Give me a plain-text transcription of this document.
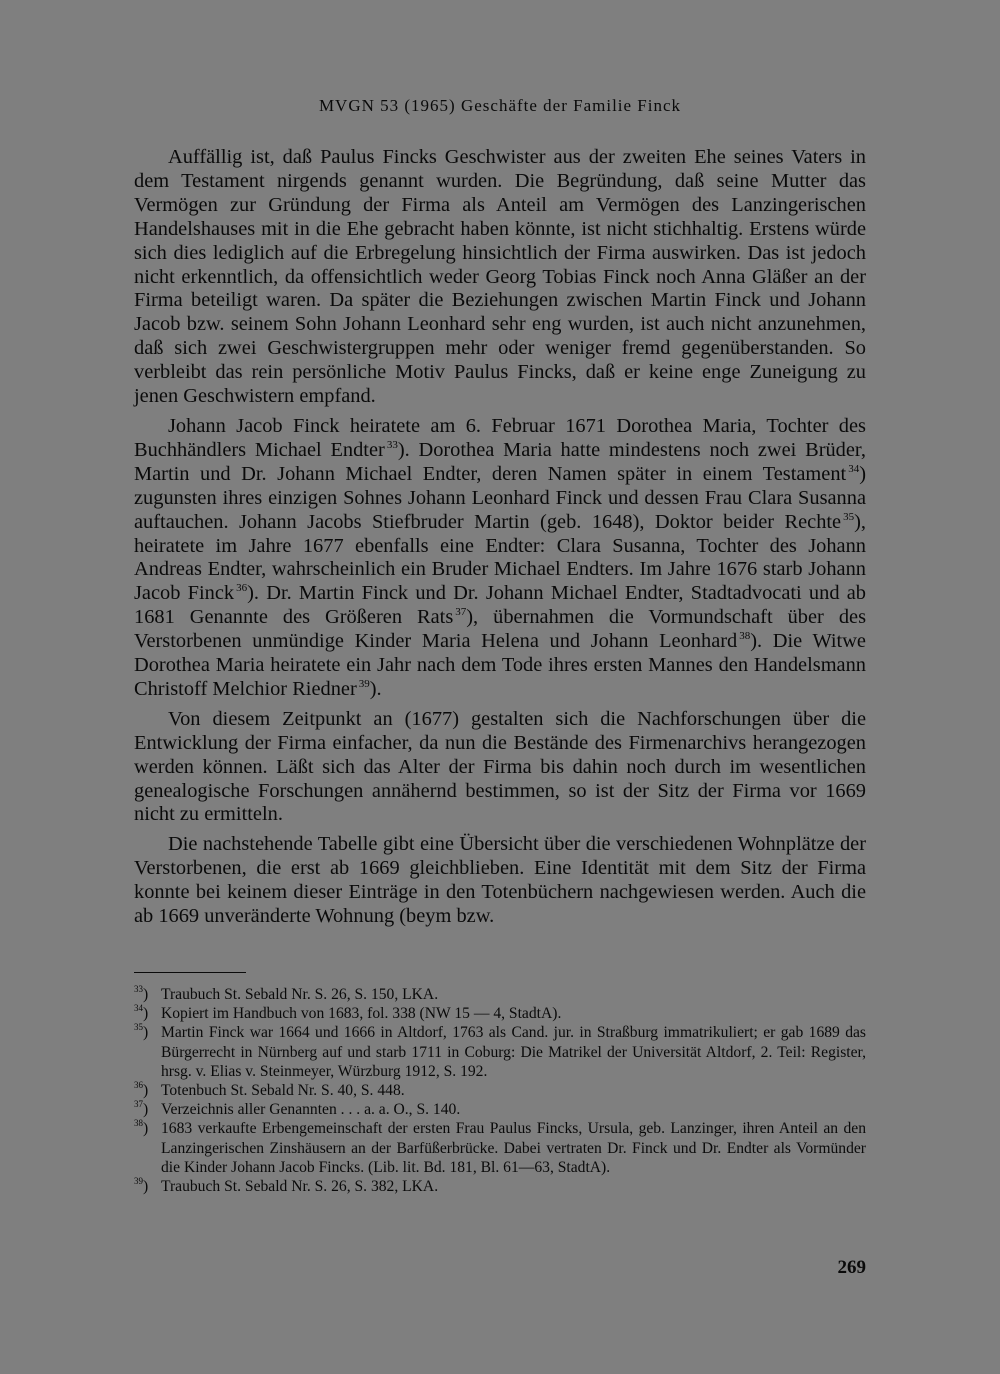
MVGN 53 (1965) Geschäfte der Familie Finck

Auffällig ist, daß Paulus Fincks Geschwister aus der zweiten Ehe seines Vaters in dem Testament nirgends genannt wurden. Die Begründung, daß seine Mutter das Vermögen zur Gründung der Firma als Anteil am Vermögen des Lanzingerischen Handelshauses mit in die Ehe gebracht haben könnte, ist nicht stichhaltig. Erstens würde sich dies lediglich auf die Erbregelung hinsichtlich der Firma auswirken. Das ist jedoch nicht erkenntlich, da offensichtlich weder Georg Tobias Finck noch Anna Gläßer an der Firma beteiligt waren. Da später die Beziehungen zwischen Martin Finck und Johann Jacob bzw. seinem Sohn Johann Leonhard sehr eng wurden, ist auch nicht anzunehmen, daß sich zwei Geschwistergruppen mehr oder weniger fremd gegenüberstanden. So verbleibt das rein persönliche Motiv Paulus Fincks, daß er keine enge Zuneigung zu jenen Geschwistern empfand.

Johann Jacob Finck heiratete am 6. Februar 1671 Dorothea Maria, Tochter des Buchhändlers Michael Endter $^{33}$). Dorothea Maria hatte mindestens noch zwei Brüder, Martin und Dr. Johann Michael Endter, deren Namen später in einem Testament $^{34}$) zugunsten ihres einzigen Sohnes Johann Leonhard Finck und dessen Frau Clara Susanna auftauchen. Johann Jacobs Stiefbruder Martin (geb. 1648), Doktor beider Rechte $^{35}$), heiratete im Jahre 1677 ebenfalls eine Endter: Clara Susanna, Tochter des Johann Andreas Endter, wahrscheinlich ein Bruder Michael Endters. Im Jahre 1676 starb Johann Jacob Finck $^{36}$). Dr. Martin Finck und Dr. Johann Michael Endter, Stadtadvocati und ab 1681 Genannte des Größeren Rats $^{37}$), übernahmen die Vormundschaft über des Verstorbenen unmündige Kinder Maria Helena und Johann Leonhard $^{38}$). Die Witwe Dorothea Maria heiratete ein Jahr nach dem Tode ihres ersten Mannes den Handelsmann Christoff Melchior Riedner $^{39}$).

Von diesem Zeitpunkt an (1677) gestalten sich die Nachforschungen über die Entwicklung der Firma einfacher, da nun die Bestände des Firmenarchivs herangezogen werden können. Läßt sich das Alter der Firma bis dahin noch durch im wesentlichen genealogische Forschungen annähernd bestimmen, so ist der Sitz der Firma vor 1669 nicht zu ermitteln.

Die nachstehende Tabelle gibt eine Übersicht über die verschiedenen Wohnplätze der Verstorbenen, die erst ab 1669 gleichblieben. Eine Identität mit dem Sitz der Firma konnte bei keinem dieser Einträge in den Totenbüchern nachgewiesen werden. Auch die ab 1669 unveränderte Wohnung (beym bzw.

$^{33}$) Traubuch St. Sebald Nr. S. 26, S. 150, LKA.
$^{34}$) Kopiert im Handbuch von 1683, fol. 338 (NW 15 — 4, StadtA).
$^{35}$) Martin Finck war 1664 und 1666 in Altdorf, 1763 als Cand. jur. in Straßburg immatrikuliert; er gab 1689 das Bürgerrecht in Nürnberg auf und starb 1711 in Coburg: Die Matrikel der Universität Altdorf, 2. Teil: Register, hrsg. v. Elias v. Steinmeyer, Würzburg 1912, S. 192.
$^{36}$) Totenbuch St. Sebald Nr. S. 40, S. 448.
$^{37}$) Verzeichnis aller Genannten . . . a. a. O., S. 140.
$^{38}$) 1683 verkaufte Erbengemeinschaft der ersten Frau Paulus Fincks, Ursula, geb. Lanzinger, ihren Anteil an den Lanzingerischen Zinshäusern an der Barfüßerbrücke. Dabei vertraten Dr. Finck und Dr. Endter als Vormünder die Kinder Johann Jacob Fincks. (Lib. lit. Bd. 181, Bl. 61—63, StadtA).
$^{39}$) Traubuch St. Sebald Nr. S. 26, S. 382, LKA.
269
